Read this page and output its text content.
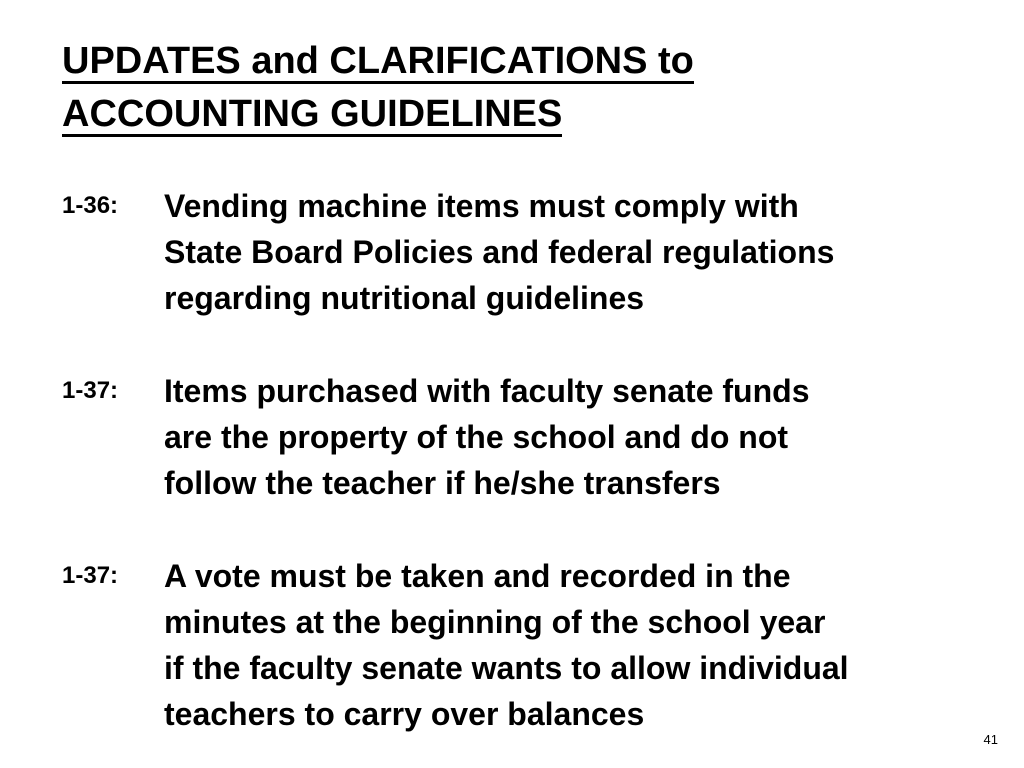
UPDATES and CLARIFICATIONS to
ACCOUNTING GUIDELINES
1-36: Vending machine items must comply with
State Board Policies and federal regulations
regarding nutritional guidelines
1-37: Items purchased with faculty senate funds
are the property of the school and do not
follow the teacher if he/she transfers
1-37: A vote must be taken and recorded in the
minutes at the beginning of the school year
if the faculty senate wants to allow individual
teachers to carry over balances
41
